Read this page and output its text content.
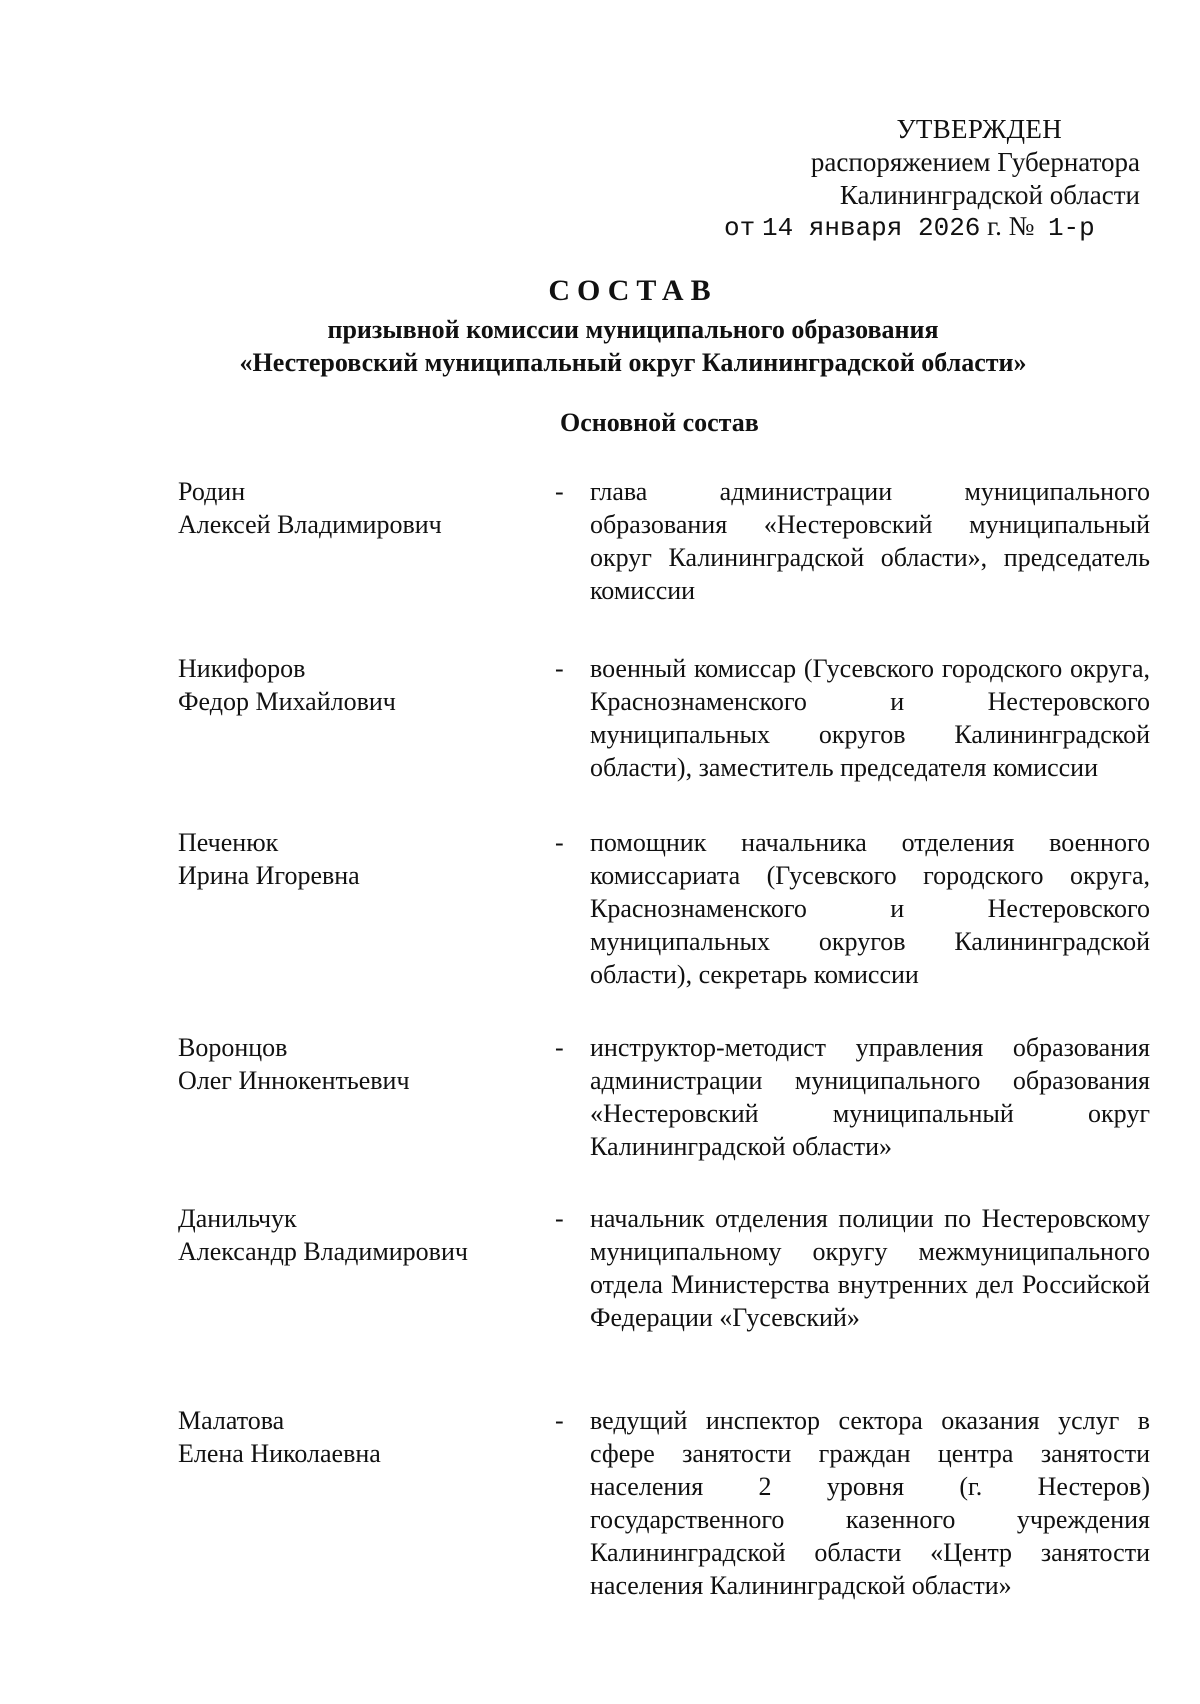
УТВЕРЖДЕН
распоряжением Губернатора
Калининградской области
от 14 января 2026 г. № 1-р
СОСТАВ
призывной комиссии муниципального образования
«Нестеровский муниципальный округ Калининградской области»
Основной состав
Родин
Алексей Владимирович
- глава администрации муниципального образования «Нестеровский муниципальный округ Калининградской области», председатель комиссии
Никифоров
Федор Михайлович
- военный комиссар (Гусевского городского округа, Краснознаменского и Нестеровского муниципальных округов Калининградской области), заместитель председателя комиссии
Печенюк
Ирина Игоревна
- помощник начальника отделения военного комиссариата (Гусевского городского округа, Краснознаменского и Нестеровского муниципальных округов Калининградской области), секретарь комиссии
Воронцов
Олег Иннокентьевич
- инструктор-методист управления образования администрации муниципального образования «Нестеровский муниципальный округ Калининградской области»
Данильчук
Александр Владимирович
- начальник отделения полиции по Нестеровскому муниципальному округу межмуниципального отдела Министерства внутренних дел Российской Федерации «Гусевский»
Малатова
Елена Николаевна
- ведущий инспектор сектора оказания услуг в сфере занятости граждан центра занятости населения 2 уровня (г. Нестеров) государственного казенного учреждения Калининградской области «Центр занятости населения Калининградской области»
